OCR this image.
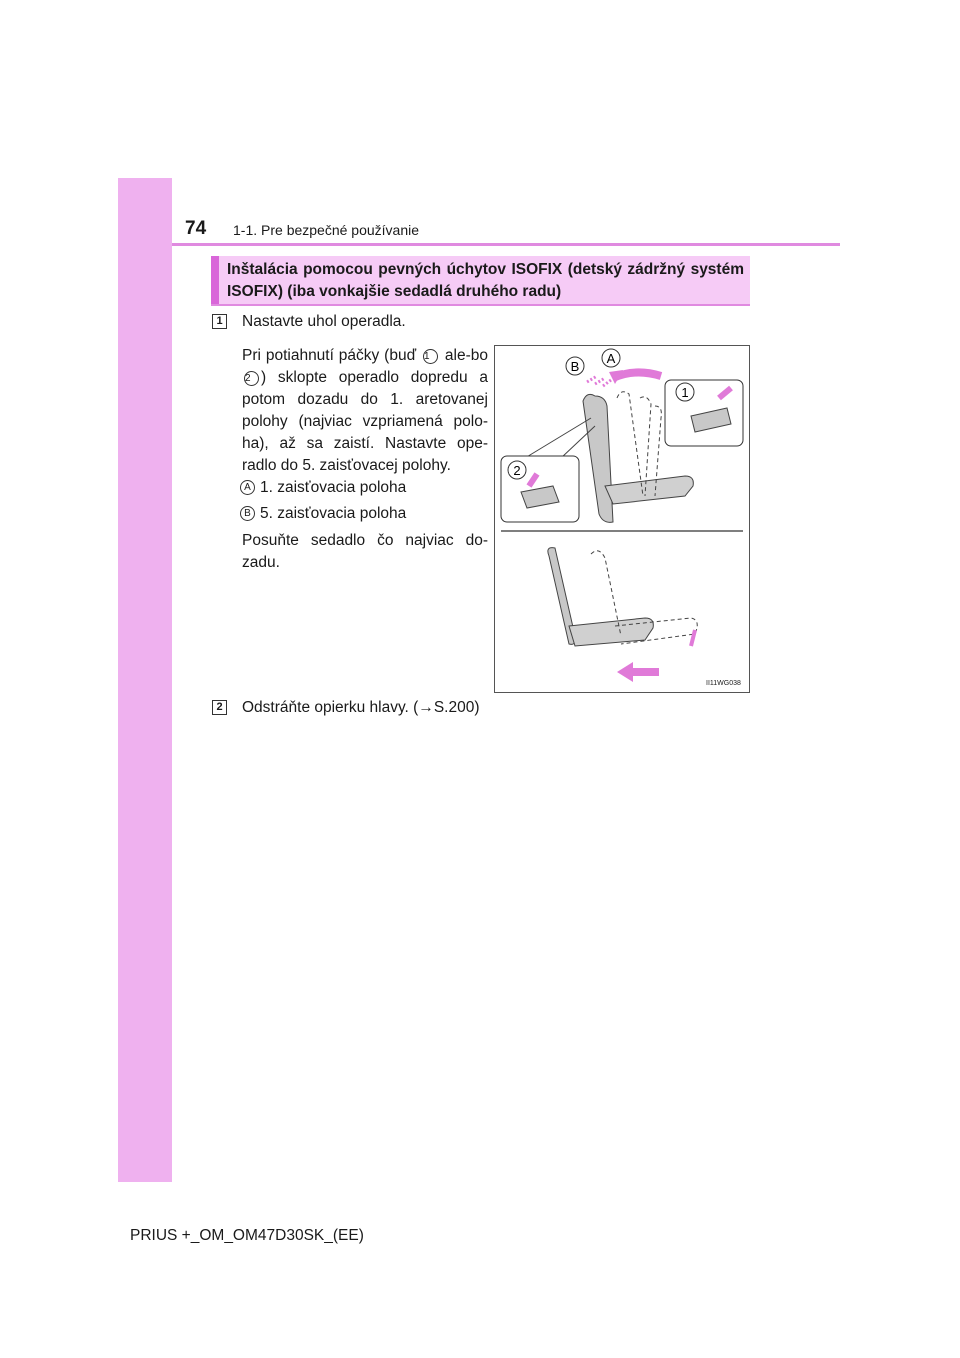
74 1-1. Pre bezpečné používanie
Inštalácia pomocou pevných úchytov ISOFIX (detský zádržný systém ISOFIX) (iba vonkajšie sedadlá druhého radu)
1 Nastavte uhol operadla.
Pri potiahnutí páčky (buď 1 ale-bo 2 ) sklopte operadlo dopredu a potom dozadu do 1. aretovanej polohy (najviac vzpriamená polo-ha), až sa zaistí. Nastavte ope-radlo do 5. zaisťovacej polohy.
A 1. zaisťovacia poloha
B 5. zaisťovacia poloha
Posuňte sedadlo čo najviac do-zadu.
B
A
1
2
II11WG038
2 Odstráňte opierku hlavy. (→S.200)
PRIUS +_OM_OM47D30SK_(EE)
